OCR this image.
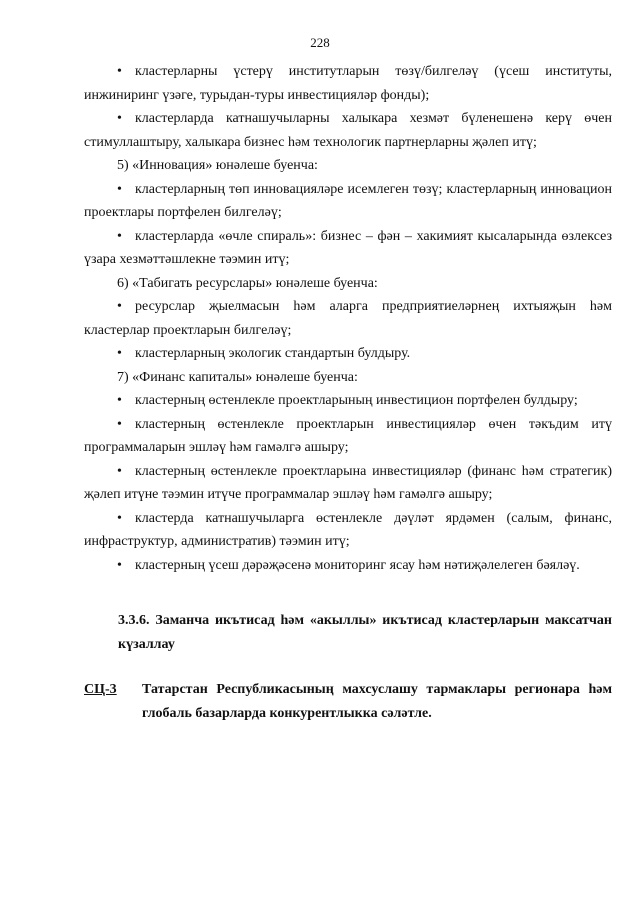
228

• кластерларны үстерү институтларын төзү/билгеләү (үсеш институты, инжиниринг үзәге, турыдан-туры инвестицияләр фонды);

• кластерларда катнашучыларны халыкара хезмәт бүленешенә керү өчен стимуллаштыру, халыкара бизнес һәм технологик партнерларны җәлеп итү;

5) «Инновация» юнәлеше буенча:

• кластерларның төп инновацияләре исемлеген төзү; кластерларның инновацион проектлары портфелен билгеләү;

• кластерларда «өчле спираль»: бизнес – фән – хакимият кысаларында өзлексез үзара хезмәттәшлекне тәэмин итү;

6) «Табигать ресурслары» юнәлеше буенча:

• ресурслар җыелмасын һәм аларга предприятиеләрнең ихтыяҗын һәм кластерлар проектларын билгеләү;

• кластерларның экологик стандартын булдыру.

7) «Финанс капиталы» юнәлеше буенча:

• кластерның өстенлекле проектларының инвестицион портфелен булдыру;

• кластерның өстенлекле проектларын инвестицияләр өчен тәкъдим итү программаларын эшләү һәм гамәлгә ашыру;

• кластерның өстенлекле проектларына инвестицияләр (финанс һәм стратегик) җәлеп итүне тәэмин итүче программалар эшләү һәм гамәлгә ашыру;

• кластерда катнашучыларга өстенлекле дәүләт ярдәмен (салым, финанс, инфраструктур, административ) тәэмин итү;

• кластерның үсеш дәрәҗәсенә мониторинг ясау һәм нәтиҗәлелеген бәяләү.

3.3.6. Заманча икътисад һәм «акыллы» икътисад кластерларын максатчан күзаллау
СЦ-3 Татарстан Республикасының махсуслашу тармаклары регионара һәм глобаль базарларда конкурентлыкка сәләтле.
